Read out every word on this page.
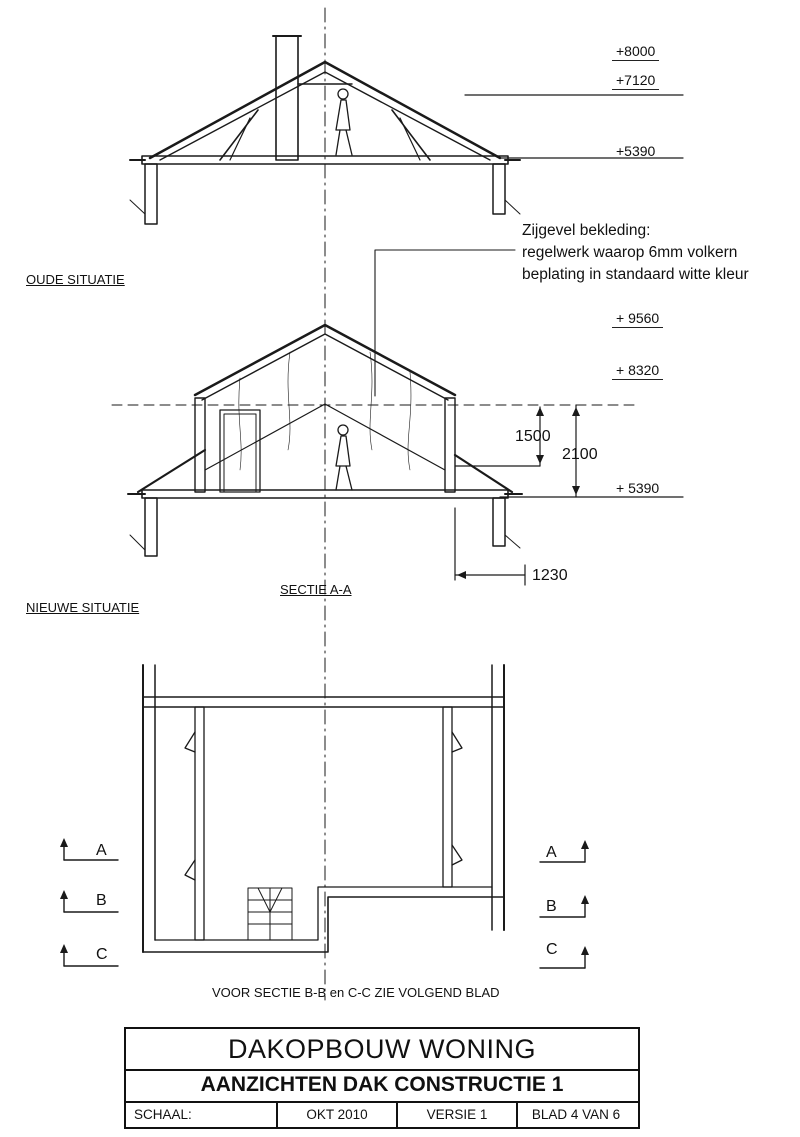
OUDE SITUATIE
NIEUWE SITUATIE
SECTIE A-A
Zijgevel bekleding:
regelwerk waarop 6mm volkern
beplating in standaard witte kleur
+8000
+7120
+5390
+ 9560
+ 8320
+ 5390
1500
2100
1230
A
B
C
A
B
C
VOOR SECTIE B-B en C-C ZIE VOLGEND BLAD
DAKOPBOUW WONING
AANZICHTEN DAK CONSTRUCTIE 1
SCHAAL:	OKT 2010	VERSIE 1	BLAD 4 VAN 6
